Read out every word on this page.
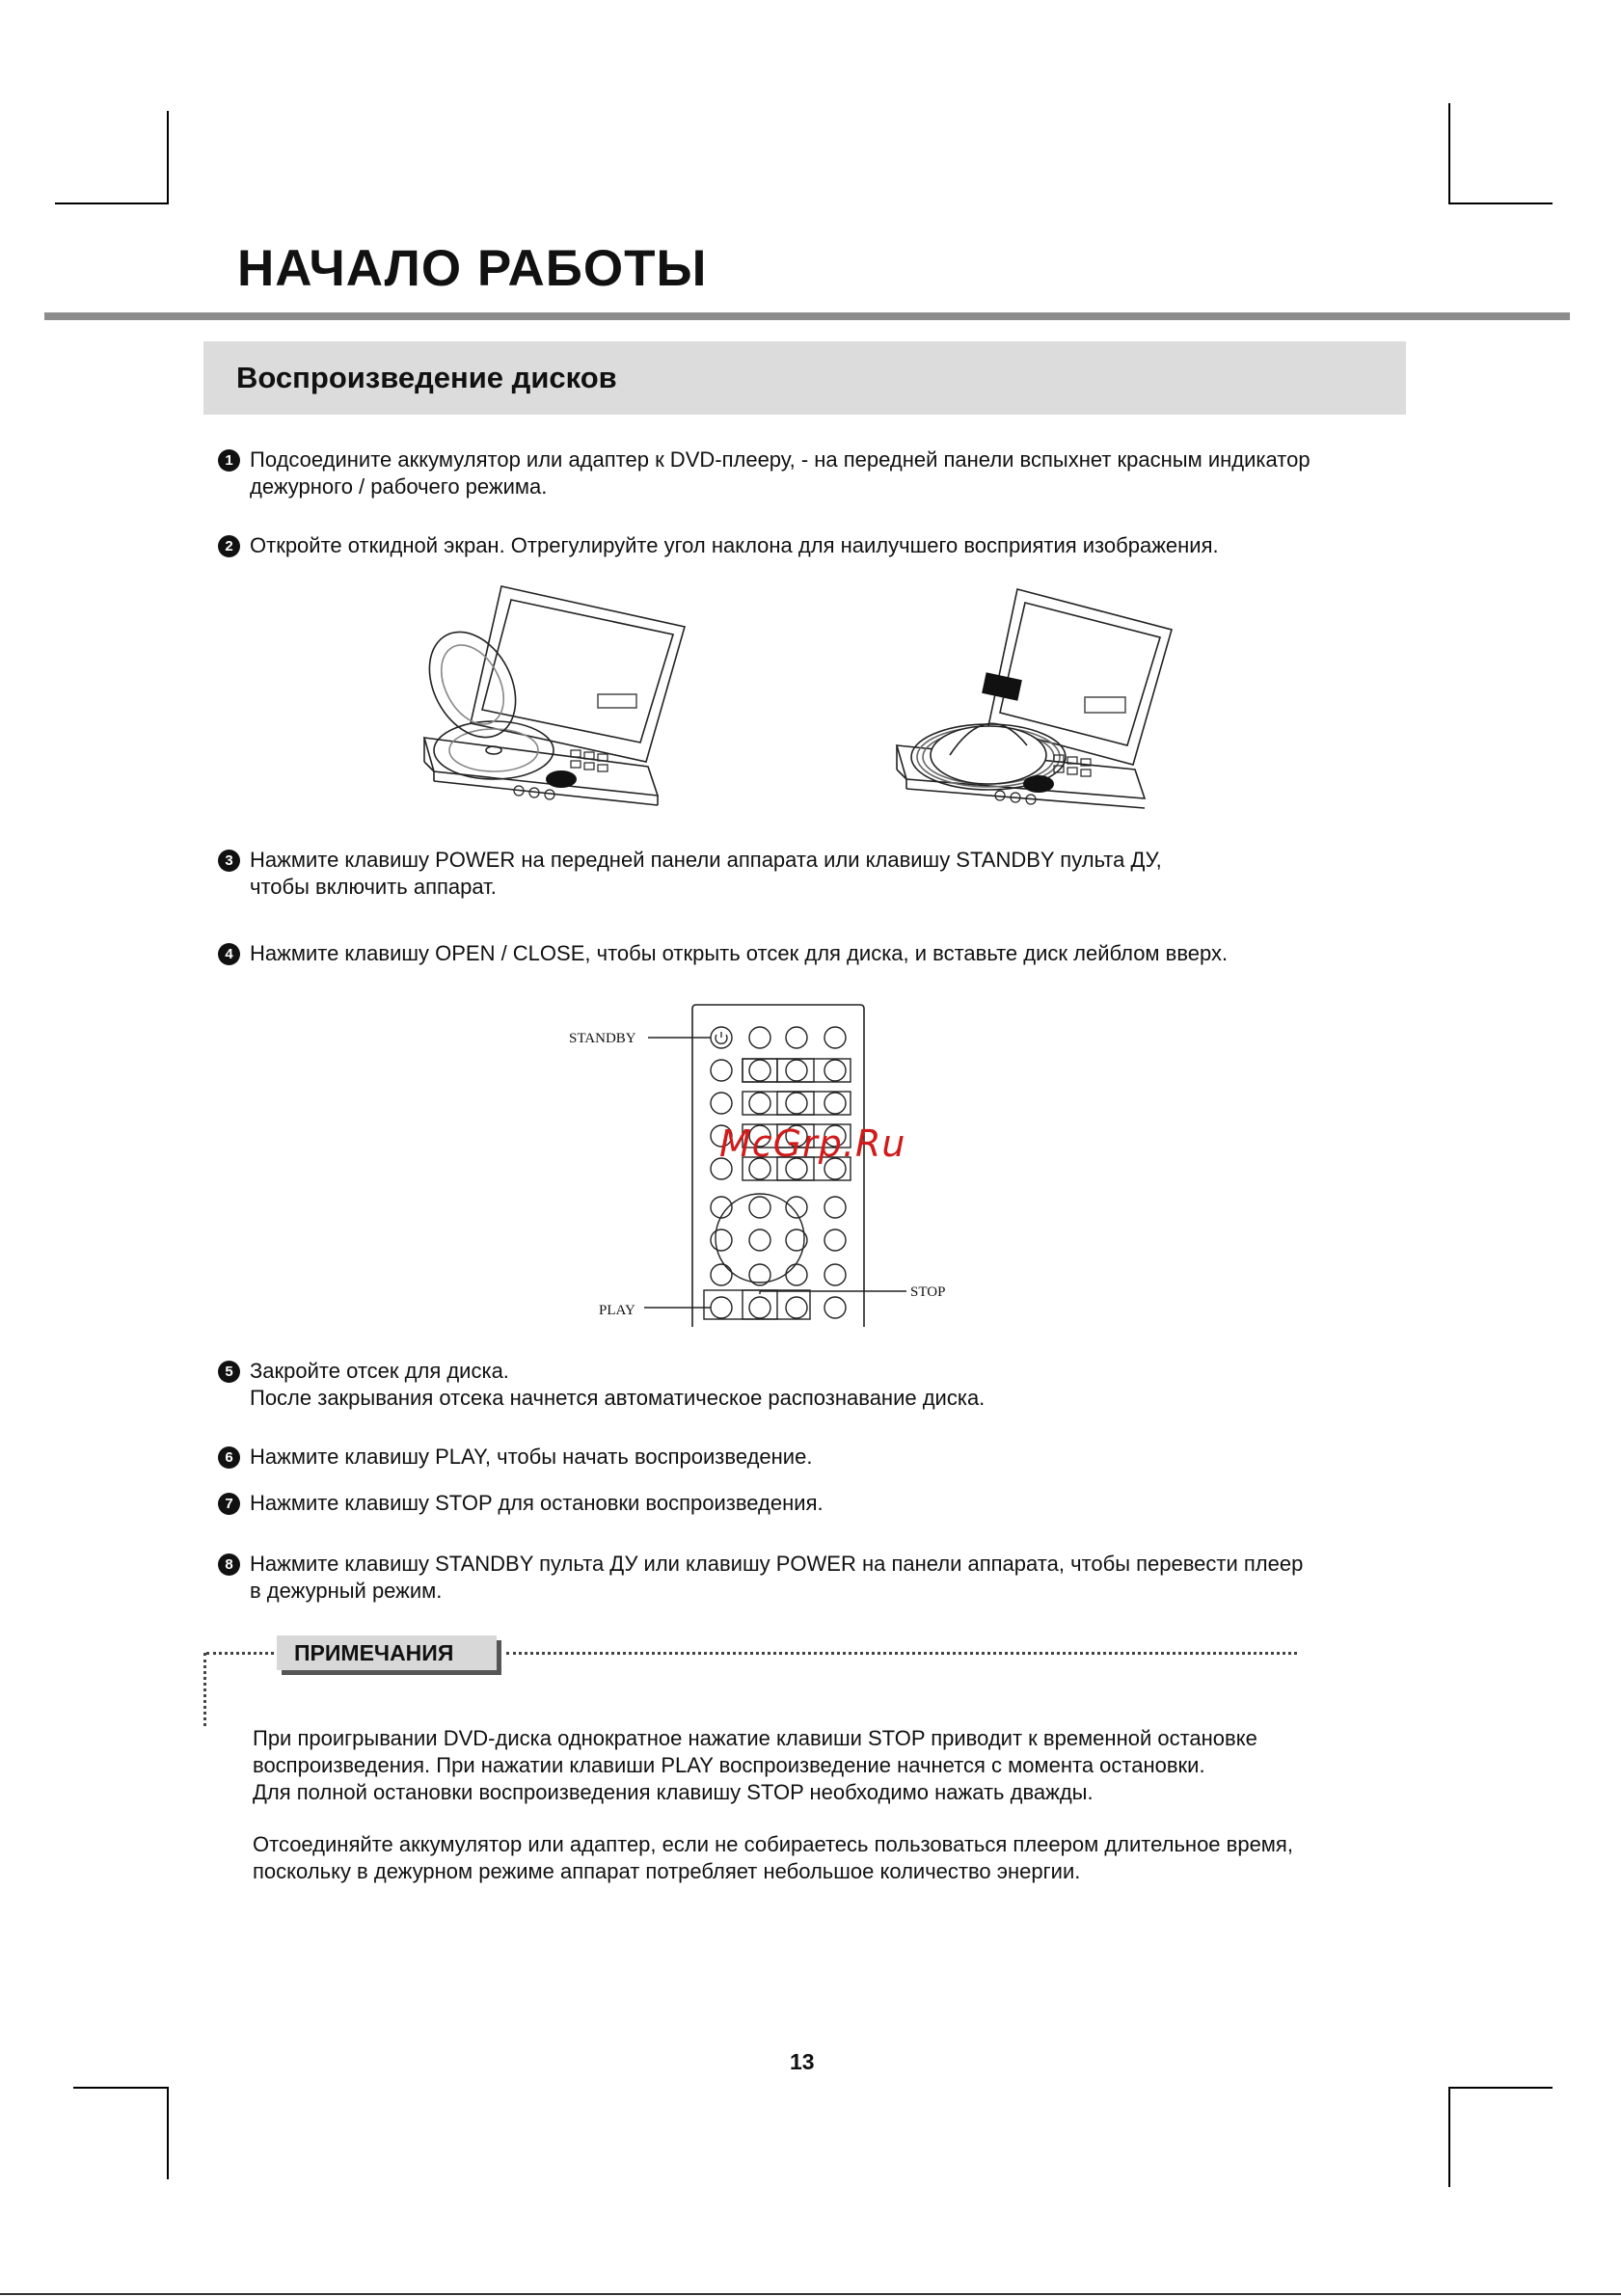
НАЧАЛО РАБОТЫ
Воспроизведение дисков
1 Подсоедините аккумулятор или адаптер к DVD-плееру, - на передней панели вспыхнет красным индикатор
дежурного / рабочего режима.
2 Откройте откидной экран. Отрегулируйте угол наклона для наилучшего восприятия изображения.
3 Нажмите клавишу POWER на передней панели аппарата или клавишу STANDBY пульта ДУ,
чтобы включить аппарат.
4 Нажмите клавишу OPEN / CLOSE, чтобы открыть отсек для диска, и вставьте диск лейблом вверх.
STANDBY
PLAY
STOP
McGrp.Ru
5 Закройте отсек для диска.
После закрывания отсека начнется автоматическое распознавание диска.
6 Нажмите клавишу PLAY, чтобы начать воспроизведение.
7 Нажмите клавишу STOP для остановки воспроизведения.
8 Нажмите клавишу STANDBY пульта ДУ или клавишу POWER на панели аппарата, чтобы перевести плеер
в дежурный режим.
ПРИМЕЧАНИЯ
При проигрывании DVD-диска однократное нажатие клавиши STOP приводит к временной остановке
воспроизведения. При нажатии клавиши PLAY воспроизведение начнется с момента остановки.
Для полной остановки воспроизведения клавишу STOP необходимо нажать дважды.
Отсоединяйте аккумулятор или адаптер, если не собираетесь пользоваться плеером длительное время,
поскольку в дежурном режиме аппарат потребляет небольшое количество энергии.
13
